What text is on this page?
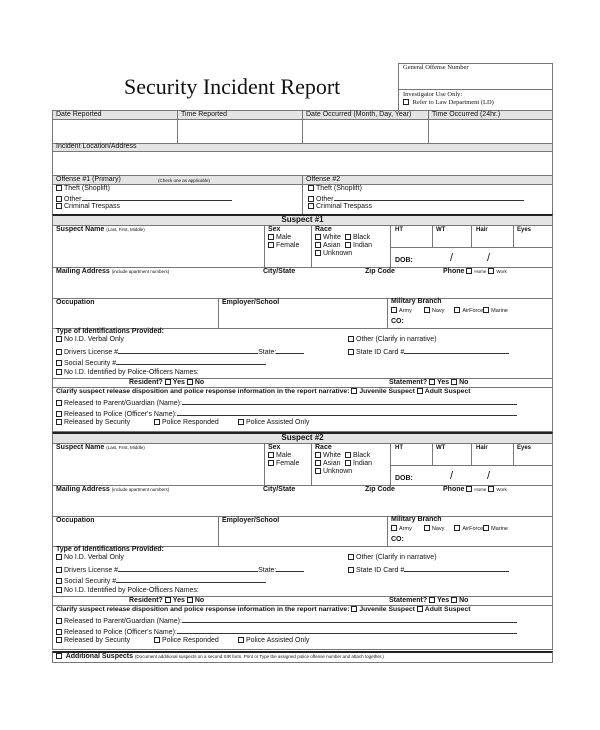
Security Incident Report
General Offense Number
Investigator Use Only:
Refer to Law Department (LD)
Date Reported	Time Reported	Date Occurred (Month, Day, Year)	Time Occurred (24hr.)
Incident Location/Address
Offense #1 (Primary)	(Check one as applicable)	Offense #2
Theft (Shoplift)
Other
Criminal Trespass
Theft (Shoplift)
Other
Criminal Trespass
Suspect #1
Suspect Name (Last, First, Middle)	Sex
Male
Female
Race
White	Black
Asian	Indian
Unknown
HT	WT	Hair	Eyes
DOB:	/	/
Mailing Address (include apartment numbers)	City/State	Zip Code	Phone Home Work
Occupation	Employer/School	Military Branch
Army	Navy	AirForce Marine
CO:
Type of Identifications Provided:
No I.D. Verbal Only
Drivers License #	State:
Social Security #
No I.D. Identified by Police-Officers Names:
Other (Clarify in narrative)
State ID Card #
Resident? Yes No	Statement? Yes No
Clarify suspect release disposition and police response information in the report narrative: Juvenile Suspect Adult Suspect
Released to Parent/Guardian (Name):
Released to Police (Officer's Name):
Released by Security	Police Responded	Police Assisted Only
Suspect #2
Suspect Name (Last, First, Middle)	Sex
Male
Female
Race
White	Black
Asian	Indian
Unknown
HT	WT	Hair	Eyes
DOB:	/	/
Mailing Address (include apartment numbers)	City/State	Zip Code	Phone Home Work
Occupation	Employer/School	Military Branch
Army	Navy	AirForce Marine
CO:
Type of Identifications Provided:
No I.D. Verbal Only
Drivers License #	State:
Social Security #
No I.D. Identified by Police-Officers Names:
Other (Clarify in narrative)
State ID Card #
Resident? Yes No	Statement? Yes No
Clarify suspect release disposition and police response information in the report narrative: Juvenile Suspect Adult Suspect
Released to Parent/Guardian (Name):
Released to Police (Officer's Name):
Released by Security	Police Responded	Police Assisted Only
Additional Suspects (Document additional suspects on a second SIR form. Print or Type the assigned police offense number and attach together.)
